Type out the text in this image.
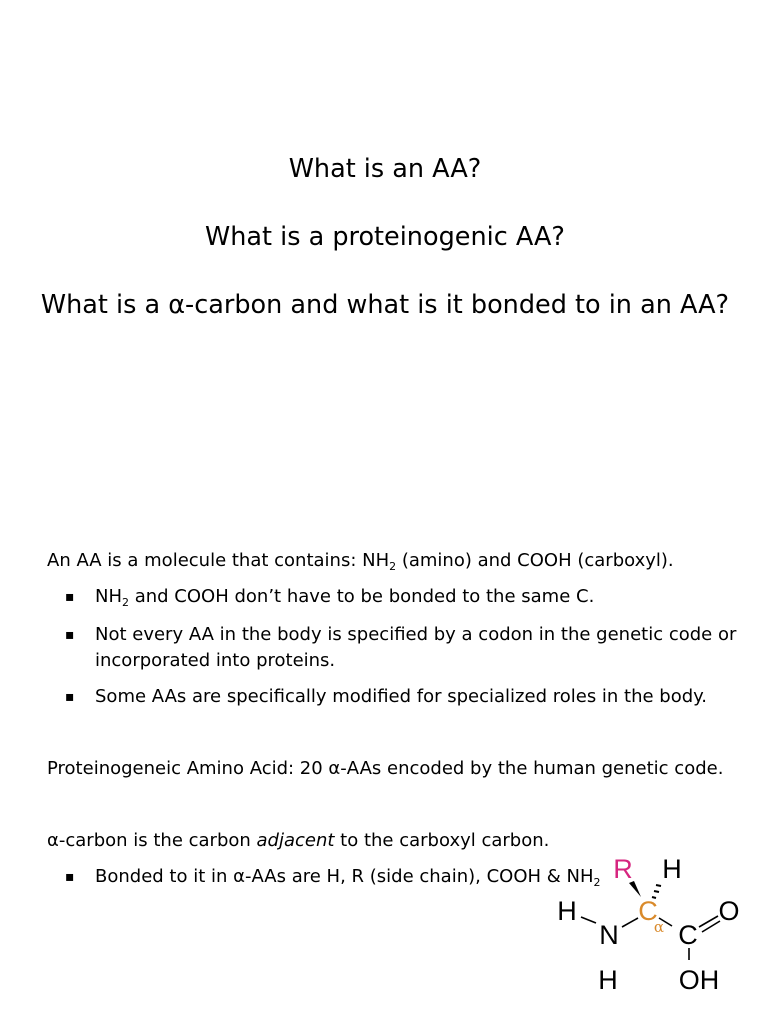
What is an AA?

What is a proteinogenic AA?

What is a α-carbon and what is it bonded to in an AA?

An AA is a molecule that contains: $NH_2$ (amino) and COOH (carboxyl).

▪ $NH_2$ and COOH don’t have to be bonded to the same C.
▪ Not every AA in the body is specified by a codon in the genetic code or incorporated into proteins.
▪ Some AAs are specifically modified for specialized roles in the body.

Proteinogeneic Amino Acid: 20 α-AAs encoded by the human genetic code.

α-carbon is the carbon adjacent to the carboxyl carbon.

▪ Bonded to it in α-AAs are H, R (side chain), COOH & $NH_2$ R H
H C
α
O
N C
H OH
